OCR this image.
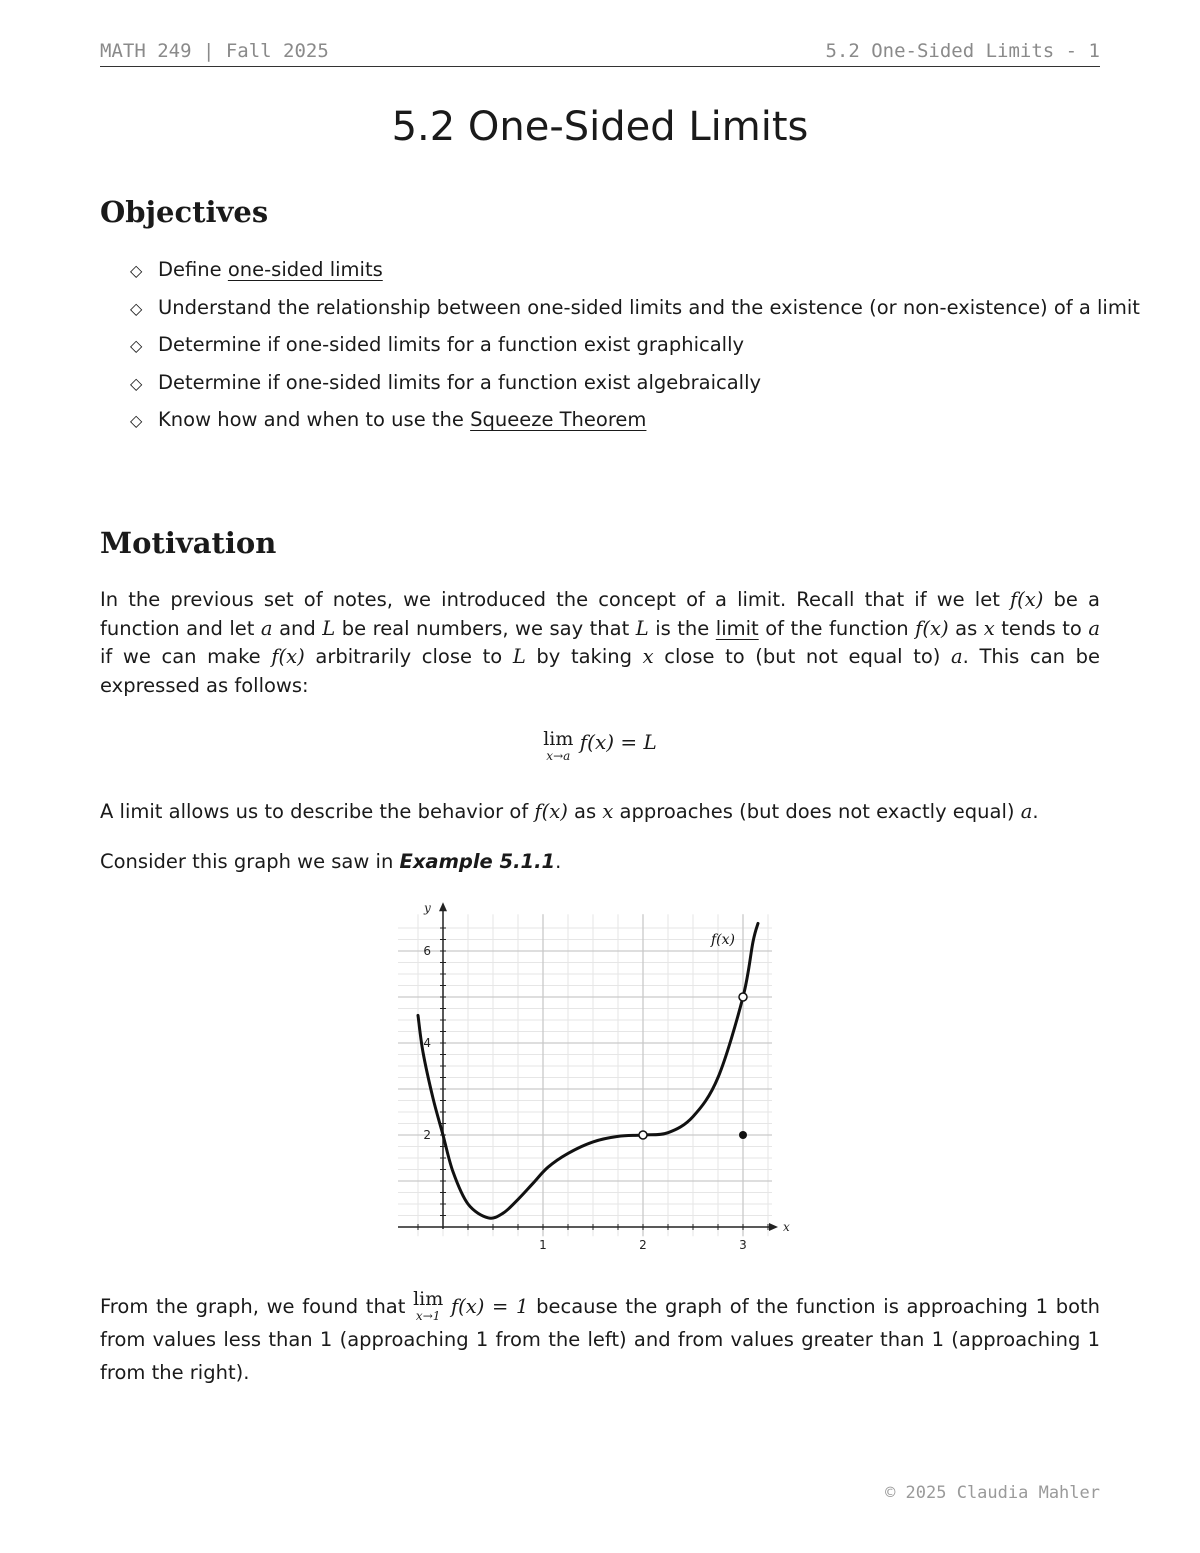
MATH 249 | Fall 2025	5.2 One-Sided Limits - 1
5.2 One-Sided Limits
Objectives
◇ Define one-sided limits
◇ Understand the relationship between one-sided limits and the existence (or non-existence) of a limit
◇ Determine if one-sided limits for a function exist graphically
◇ Determine if one-sided limits for a function exist algebraically
◇ Know how and when to use the Squeeze Theorem
Motivation

In the previous set of notes, we introduced the concept of a limit. Recall that if we let f(x) be a function and let a and L be real numbers, we say that L is the limit of the function f(x) as x tends to a if we can make f(x) arbitrarily close to L by taking x close to (but not equal to) a. This can be expressed as follows:

lim
x→a
f(x) = L

A limit allows us to describe the behavior of f(x) as x approaches (but does not exactly equal) a.

Consider this graph we saw in Example 5.1.1.

1	2	3
2
4
6
x
y
f(x)

From the graph, we found that lim
x→1 f(x) = 1 because the graph of the function is approaching 1 both from values less than 1 (approaching 1 from the left) and from values greater than 1 (approaching 1 from the right).

© 2025 Claudia Mahler
